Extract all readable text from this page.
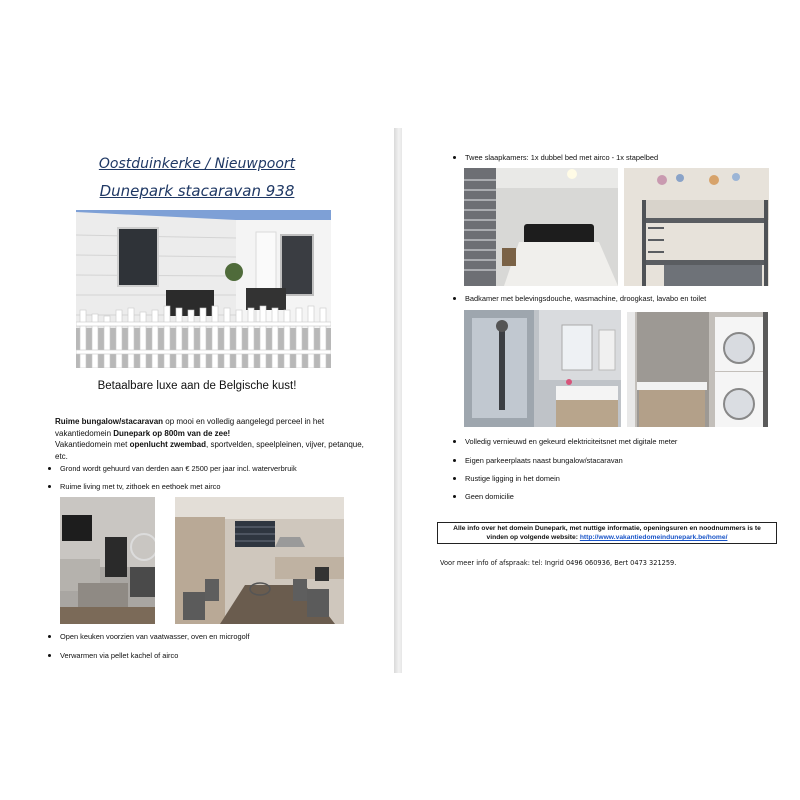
Oostduinkerke / Nieuwpoort
Dunepark stacaravan 938
Betaalbare luxe aan de Belgische kust!
Ruime bungalow/stacaravan op mooi en volledig aangelegd perceel in het vakantiedomein Dunepark op 800m van de zee!
Vakantiedomein met openlucht zwembad, sportvelden, speelpleinen, vijver, petanque, etc.
Grond wordt gehuurd van derden aan € 2500 per jaar incl. waterverbruik
Ruime living met tv, zithoek en eethoek met airco
Open keuken voorzien van vaatwasser, oven en microgolf
Verwarmen via pellet kachel of airco
Twee slaapkamers: 1x dubbel bed met airco - 1x stapelbed
Badkamer met belevingsdouche, wasmachine, droogkast, lavabo en toilet
Volledig vernieuwd en gekeurd elektriciteitsnet met digitale meter
Eigen parkeerplaats naast bungalow/stacaravan
Rustige ligging in het domein
Geen domicilie
Alle info over het domein Dunepark, met nuttige informatie, openingsuren en noodnummers is te
vinden op volgende website: http://www.vakantiedomeindunepark.be/home/
Voor meer info of afspraak: tel: Ingrid 0496 060936, Bert 0473 321259.
